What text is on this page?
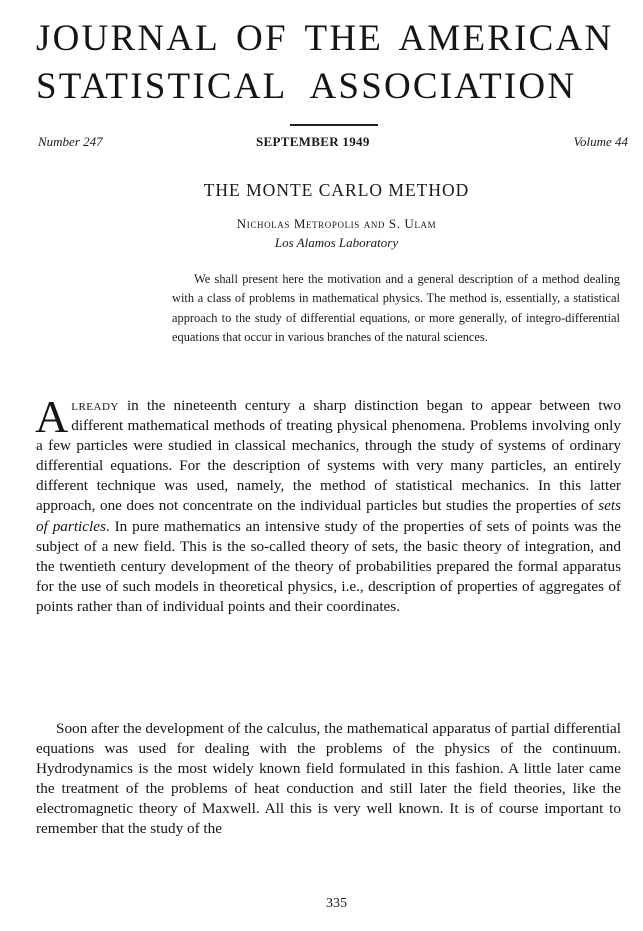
JOURNAL OF THE AMERICAN
STATISTICAL ASSOCIATION
Number 247	SEPTEMBER 1949	Volume 44
THE MONTE CARLO METHOD
Nicholas Metropolis and S. Ulam
Los Alamos Laboratory
We shall present here the motivation and a general description of a method dealing with a class of problems in mathematical physics. The method is, essentially, a statistical approach to the study of differential equations, or more generally, of integro-differential equations that occur in various branches of the natural sciences.
Already in the nineteenth century a sharp distinction began to appear between two different mathematical methods of treating physical phenomena. Problems involving only a few particles were studied in classical mechanics, through the study of systems of ordinary differential equations. For the description of systems with very many particles, an entirely different technique was used, namely, the method of statistical mechanics. In this latter approach, one does not concentrate on the individual particles but studies the properties of sets of particles. In pure mathematics an intensive study of the properties of sets of points was the subject of a new field. This is the so-called theory of sets, the basic theory of integration, and the twentieth century development of the theory of probabilities prepared the formal apparatus for the use of such models in theoretical physics, i.e., description of properties of aggregates of points rather than of individual points and their coordinates.
Soon after the development of the calculus, the mathematical apparatus of partial differential equations was used for dealing with the problems of the physics of the continuum. Hydrodynamics is the most widely known field formulated in this fashion. A little later came the treatment of the problems of heat conduction and still later the field theories, like the electromagnetic theory of Maxwell. All this is very well known. It is of course important to remember that the study of the
335
